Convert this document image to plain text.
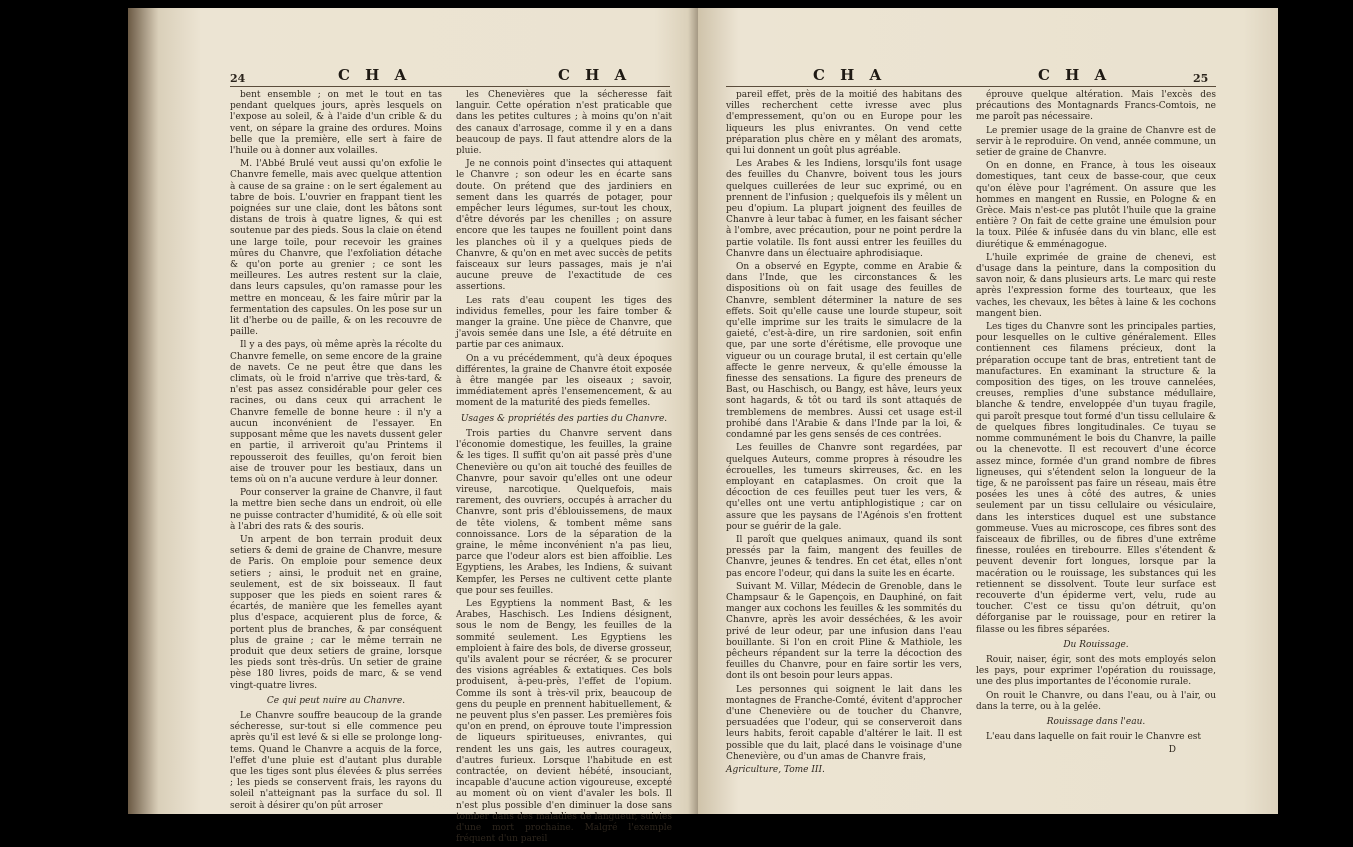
24	C H A	C H A

bent ensemble ; on met le tout en tas pendant quelques jours, après lesquels on l'expose au soleil, & à l'aide d'un crible & du vent, on sépare la graine des ordures. Moins belle que la première, elle sert à faire de l'huile ou à donner aux volailles.

M. l'Abbé Brulé veut aussi qu'on exfolie le Chanvre femelle, mais avec quelque attention à cause de sa graine : on le sert également au tabre de bois. L'ouvrier en frappant tient les poignées sur une claie, dont les bâtons sont distans de trois à quatre lignes, & qui est soutenue par des pieds. Sous la claie on étend une large toile, pour recevoir les graines mûres du Chanvre, que l'exfoliation détache & qu'on porte au grenier ; ce sont les meilleures. Les autres restent sur la claie, dans leurs capsules, qu'on ramasse pour les mettre en monceau, & les faire mûrir par la fermentation des capsules. On les pose sur un lit d'herbe ou de paille, & on les recouvre de paille.

Il y a des pays, où même après la récolte du Chanvre femelle, on seme encore de la graine de navets. Ce ne peut être que dans les climats, où le froid n'arrive que très-tard, & n'est pas assez considérable pour geler ces racines, ou dans ceux qui arrachent le Chanvre femelle de bonne heure : il n'y a aucun inconvénient de l'essayer. En supposant même que les navets dussent geler en partie, il arriveroit qu'au Printems il repousseroit des feuilles, qu'on feroit bien aise de trouver pour les bestiaux, dans un tems où on n'a aucune verdure à leur donner.

Pour conserver la graine de Chanvre, il faut la mettre bien seche dans un endroit, où elle ne puisse contracter d'humidité, & où elle soit à l'abri des rats & des souris.

Un arpent de bon terrain produit deux setiers & demi de graine de Chanvre, mesure de Paris. On emploie pour semence deux setiers ; ainsi, le produit net en graine, seulement, est de six boisseaux. Il faut supposer que les pieds en soient rares & écartés, de manière que les femelles ayant plus d'espace, acquierent plus de force, & portent plus de branches, & par conséquent plus de graine ; car le même terrain ne produit que deux setiers de graine, lorsque les pieds sont très-drûs. Un setier de graine pèse 180 livres, poids de marc, & se vend vingt-quatre livres.

Ce qui peut nuire au Chanvre.

Le Chanvre souffre beaucoup de la grande sécheresse, sur-tout si elle commence peu après qu'il est levé & si elle se prolonge long-tems. Quand le Chanvre a acquis de la force, l'effet d'une pluie est d'autant plus durable que les tiges sont plus élevées & plus serrées ; les pieds se conservent frais, les rayons du soleil n'atteignant pas la surface du sol. Il seroit à désirer qu'on pût arroser

les Chenevières que la sécheresse fait languir. Cette opération n'est praticable que dans les petites cultures ; à moins qu'on n'ait des canaux d'arrosage, comme il y en a dans beaucoup de pays. Il faut attendre alors de la pluie.

Je ne connois point d'insectes qui attaquent le Chanvre ; son odeur les en écarte sans doute. On prétend que des jardiniers en sement dans les quarrés de potager, pour empêcher leurs légumes, sur-tout les choux, d'être dévorés par les chenilles ; on assure encore que les taupes ne fouillent point dans les planches où il y a quelques pieds de Chanvre, & qu'on en met avec succès de petits faisceaux sur leurs passages, mais je n'ai aucune preuve de l'exactitude de ces assertions.

Les rats d'eau coupent les tiges des individus femelles, pour les faire tomber & manger la graine. Une pièce de Chanvre, que j'avois semée dans une Isle, a été détruite en partie par ces animaux.

On a vu précédemment, qu'à deux époques différentes, la graine de Chanvre étoit exposée à être mangée par les oiseaux ; savoir, immédiatement après l'ensemencement, & au moment de la maturité des pieds femelles.

Usages & propriétés des parties du Chanvre.

Trois parties du Chanvre servent dans l'économie domestique, les feuilles, la graine & les tiges. Il suffit qu'on ait passé près d'une Chenevière ou qu'on ait touché des feuilles de Chanvre, pour savoir qu'elles ont une odeur vireuse, narcotique. Quelquefois, mais rarement, des ouvriers, occupés à arracher du Chanvre, sont pris d'éblouissemens, de maux de tête violens, & tombent même sans connoissance. Lors de la séparation de la graine, le même inconvénient n'a pas lieu, parce que l'odeur alors est bien affoiblie. Les Egyptiens, les Arabes, les Indiens, & suivant Kempfer, les Perses ne cultivent cette plante que pour ses feuilles.

Les Egyptiens la nomment Bast, & les Arabes, Haschisch. Les Indiens désignent, sous le nom de Bengy, les feuilles de la sommité seulement. Les Egyptiens les emploient à faire des bols, de diverse grosseur, qu'ils avalent pour se récréer, & se procurer des visions agréables & extatiques. Ces bols produisent, à-peu-près, l'effet de l'opium. Comme ils sont à très-vil prix, beaucoup de gens du peuple en prennent habituellement, & ne peuvent plus s'en passer. Les premières fois qu'on en prend, on éprouve toute l'impression de liqueurs spiritueuses, enivrantes, qui rendent les uns gais, les autres courageux, d'autres furieux. Lorsque l'habitude en est contractée, on devient hébété, insouciant, incapable d'aucune action vigoureuse, excepté au moment où on vient d'avaler les bols. Il n'est plus possible d'en diminuer la dose sans tomber dans des maladies de langueur, suivies d'une mort prochaine. Malgré l'exemple fréquent d'un pareil

C H A	C H A	25

pareil effet, près de la moitié des habitans des villes recherchent cette ivresse avec plus d'empressement, qu'on ou en Europe pour les liqueurs les plus enivrantes. On vend cette préparation plus chère en y mêlant des aromats, qui lui donnent un goût plus agréable.

Les Arabes & les Indiens, lorsqu'ils font usage des feuilles du Chanvre, boivent tous les jours quelques cuillerées de leur suc exprimé, ou en prennent de l'infusion ; quelquefois ils y mêlent un peu d'opium. La plupart joignent des feuilles de Chanvre à leur tabac à fumer, en les faisant sécher à l'ombre, avec précaution, pour ne point perdre la partie volatile. Ils font aussi entrer les feuilles du Chanvre dans un électuaire aphrodisiaque.

On a observé en Egypte, comme en Arabie & dans l'Inde, que les circonstances & les dispositions où on fait usage des feuilles de Chanvre, semblent déterminer la nature de ses effets. Soit qu'elle cause une lourde stupeur, soit qu'elle imprime sur les traits le simulacre de la gaieté, c'est-à-dire, un rire sardonien, soit enfin que, par une sorte d'érétisme, elle provoque une vigueur ou un courage brutal, il est certain qu'elle affecte le genre nerveux, & qu'elle émousse la finesse des sensations. La figure des preneurs de Bast, ou Haschisch, ou Bangy, est hâve, leurs yeux sont hagards, & tôt ou tard ils sont attaqués de tremblemens de membres. Aussi cet usage est-il prohibé dans l'Arabie & dans l'Inde par la loi, & condamné par les gens sensés de ces contrées.

Les feuilles de Chanvre sont regardées, par quelques Auteurs, comme propres à résoudre les écrouelles, les tumeurs skirreuses, &c. en les employant en cataplasmes. On croit que la décoction de ces feuilles peut tuer les vers, & qu'elles ont une vertu antiphlogistique ; car on assure que les paysans de l'Agénois s'en frottent pour se guérir de la gale.

Il paroît que quelques animaux, quand ils sont pressés par la faim, mangent des feuilles de Chanvre, jeunes & tendres. En cet état, elles n'ont pas encore l'odeur, qui dans la suite les en écarte.

Suivant M. Villar, Médecin de Grenoble, dans le Champsaur & le Gapençois, en Dauphiné, on fait manger aux cochons les feuilles & les sommités du Chanvre, après les avoir desséchées, & les avoir privé de leur odeur, par une infusion dans l'eau bouillante. Si l'on en croit Pline & Mathiole, les pêcheurs répandent sur la terre la décoction des feuilles du Chanvre, pour en faire sortir les vers, dont ils ont besoin pour leurs appas.

Les personnes qui soignent le lait dans les montagnes de Franche-Comté, évitent d'approcher d'une Chenevière ou de toucher du Chanvre, persuadées que l'odeur, qui se conserveroit dans leurs habits, feroit capable d'altérer le lait. Il est possible que du lait, placé dans le voisinage d'une Chenevière, ou d'un amas de Chanvre frais,

Agriculture, Tome III.

éprouve quelque altération. Mais l'excès des précautions des Montagnards Francs-Comtois, ne me paroît pas nécessaire.

Le premier usage de la graine de Chanvre est de servir à le reproduire. On vend, année commune, un setier de graine de Chanvre.

On en donne, en France, à tous les oiseaux domestiques, tant ceux de basse-cour, que ceux qu'on élève pour l'agrément. On assure que les hommes en mangent en Russie, en Pologne & en Grèce. Mais n'est-ce pas plutôt l'huile que la graine entière ? On fait de cette graine une émulsion pour la toux. Pilée & infusée dans du vin blanc, elle est diurétique & emménagogue.

L'huile exprimée de graine de chenevi, est d'usage dans la peinture, dans la composition du savon noir, & dans plusieurs arts. Le marc qui reste après l'expression forme des tourteaux, que les vaches, les chevaux, les bêtes à laine & les cochons mangent bien.

Les tiges du Chanvre sont les principales parties, pour lesquelles on le cultive généralement. Elles contiennent ces filamens précieux, dont la préparation occupe tant de bras, entretient tant de manufactures. En examinant la structure & la composition des tiges, on les trouve cannelées, creuses, remplies d'une substance médullaire, blanche & tendre, enveloppée d'un tuyau fragile, qui paroît presque tout formé d'un tissu cellulaire & de quelques fibres longitudinales. Ce tuyau se nomme communément le bois du Chanvre, la paille ou la chenevotte. Il est recouvert d'une écorce assez mince, formée d'un grand nombre de fibres ligneuses, qui s'étendent selon la longueur de la tige, & ne paroîssent pas faire un réseau, mais être posées les unes à côté des autres, & unies seulement par un tissu cellulaire ou vésiculaire, dans les interstices duquel est une substance gommeuse. Vues au microscope, ces fibres sont des faisceaux de fibrilles, ou de fibres d'une extrême finesse, roulées en tirebourre. Elles s'étendent & peuvent devenir fort longues, lorsque par la macération ou le rouissage, les substances qui les retiennent se dissolvent. Toute leur surface est recouverte d'un épiderme vert, velu, rude au toucher. C'est ce tissu qu'on détruit, qu'on déforganise par le rouissage, pour en retirer la filasse ou les fibres séparées.

Du Rouissage.

Rouir, naiser, égir, sont des mots employés selon les pays, pour exprimer l'opération du rouissage, une des plus importantes de l'économie rurale.

On rouit le Chanvre, ou dans l'eau, ou à l'air, ou dans la terre, ou à la gelée.

Rouissage dans l'eau.

L'eau dans laquelle on fait rouir le Chanvre est

D
